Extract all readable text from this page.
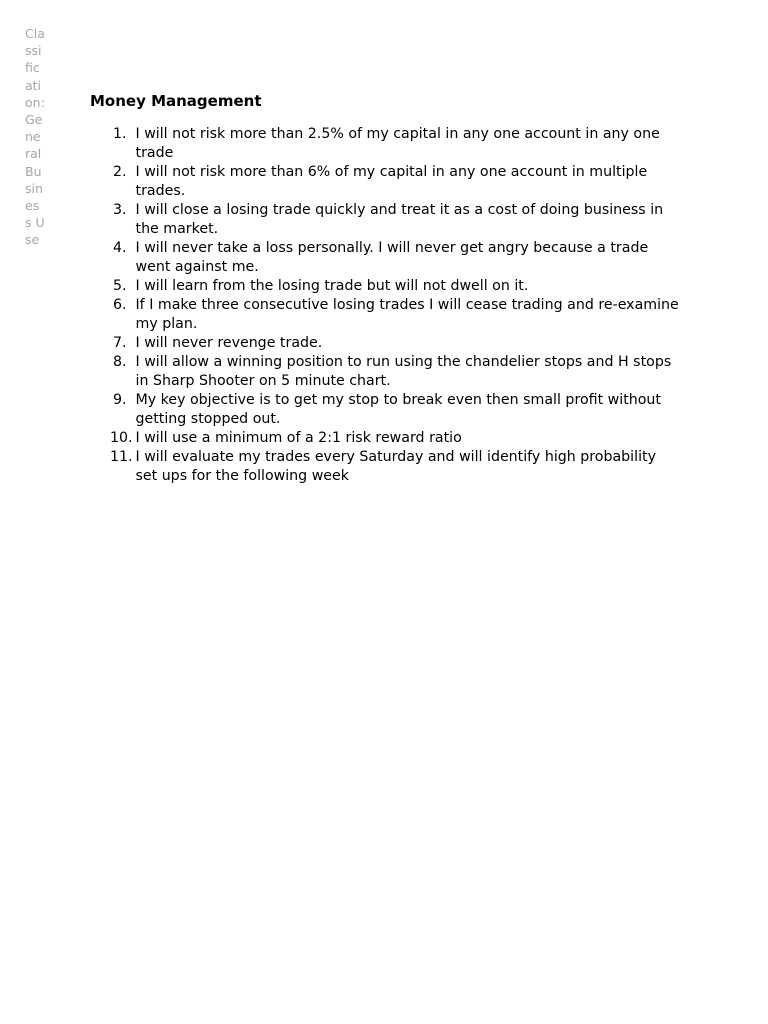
Classification: General Business Use
Money Management
1. I will not risk more than 2.5% of my capital in any one account in any one trade
2. I will not risk more than 6% of my capital in any one account in multiple trades.
3. I will close a losing trade quickly and treat it as a cost of doing business in the market.
4. I will never take a loss personally. I will never get angry because a trade went against me.
5. I will learn from the losing trade but will not dwell on it.
6. If I make three consecutive losing trades I will cease trading and re-examine my plan.
7. I will never revenge trade.
8. I will allow a winning position to run using the chandelier stops and H stops in Sharp Shooter on 5 minute chart.
9. My key objective is to get my stop to break even then small profit without getting stopped out.
10. I will use a minimum of a 2:1 risk reward ratio
11. I will evaluate my trades every Saturday and will identify high probability set ups for the following week
